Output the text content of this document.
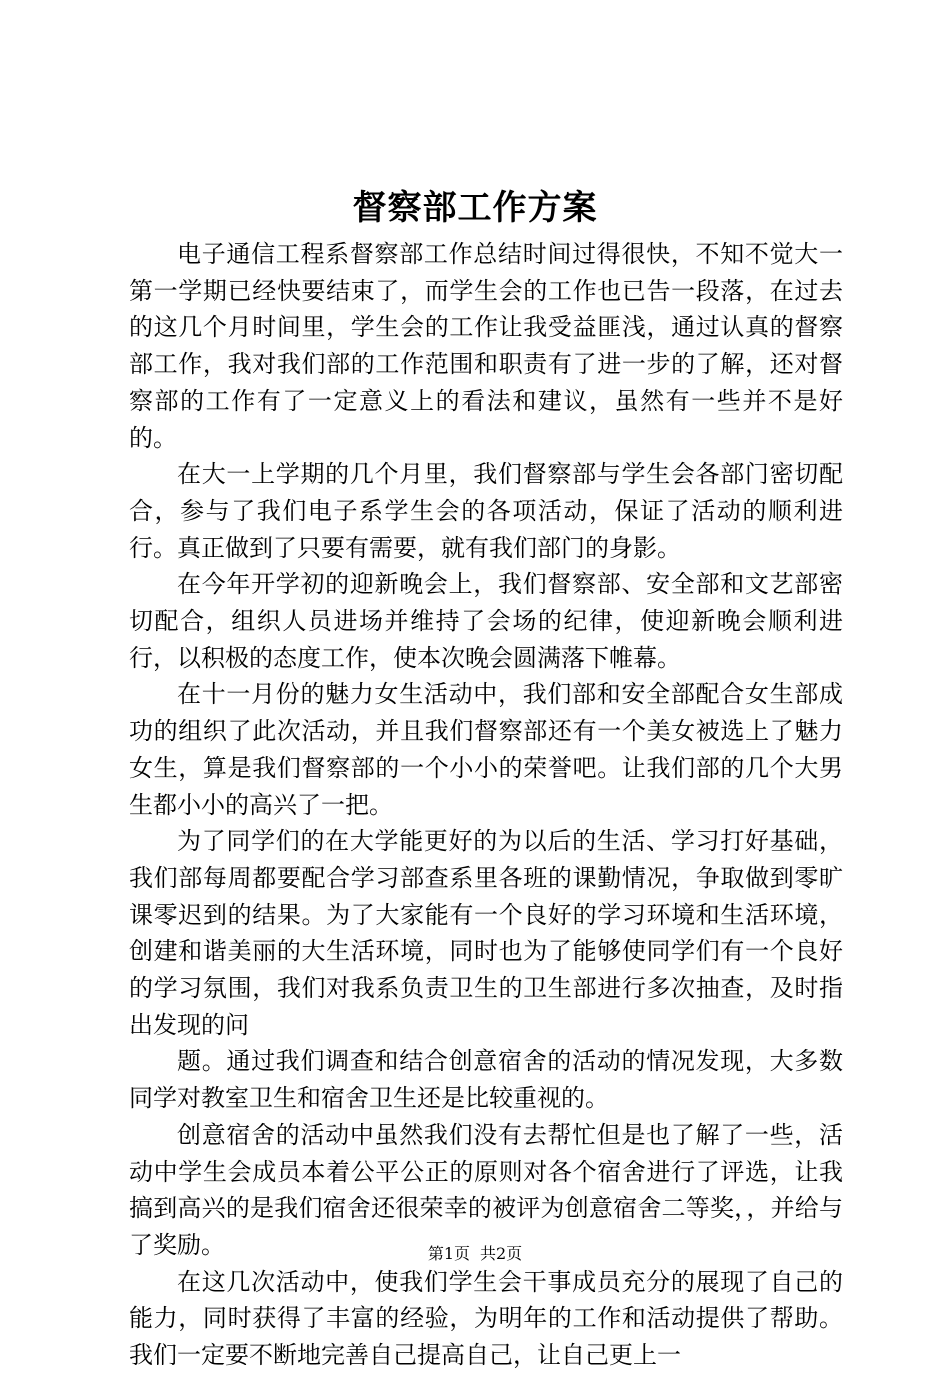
督察部工作方案

电子通信工程系督察部工作总结时间过得很快，不知不觉大一第一学期已经快要结束了，而学生会的工作也已告一段落，在过去的这几个月时间里，学生会的工作让我受益匪浅，通过认真的督察部工作，我对我们部的工作范围和职责有了进一步的了解，还对督察部的工作有了一定意义上的看法和建议，虽然有一些并不是好的。

在大一上学期的几个月里，我们督察部与学生会各部门密切配合，参与了我们电子系学生会的各项活动，保证了活动的顺利进行。真正做到了只要有需要，就有我们部门的身影。

在今年开学初的迎新晚会上，我们督察部、安全部和文艺部密切配合，组织人员进场并维持了会场的纪律，使迎新晚会顺利进行，以积极的态度工作，使本次晚会圆满落下帷幕。

在十一月份的魅力女生活动中，我们部和安全部配合女生部成功的组织了此次活动，并且我们督察部还有一个美女被选上了魅力女生，算是我们督察部的一个小小的荣誉吧。让我们部的几个大男生都小小的高兴了一把。

为了同学们的在大学能更好的为以后的生活、学习打好基础，我们部每周都要配合学习部查系里各班的课勤情况，争取做到零旷课零迟到的结果。为了大家能有一个良好的学习环境和生活环境，创建和谐美丽的大生活环境，同时也为了能够使同学们有一个良好的学习氛围，我们对我系负责卫生的卫生部进行多次抽查，及时指出发现的问

题。通过我们调查和结合创意宿舍的活动的情况发现，大多数同学对教室卫生和宿舍卫生还是比较重视的。

创意宿舍的活动中虽然我们没有去帮忙但是也了解了一些，活动中学生会成员本着公平公正的原则对各个宿舍进行了评选，让我搞到高兴的是我们宿舍还很荣幸的被评为创意宿舍二等奖，，并给与了奖励。

在这几次活动中，使我们学生会干事成员充分的展现了自己的能力，同时获得了丰富的经验，为明年的工作和活动提供了帮助。我们一定要不断地完善自己提高自己，让自己更上一

第1页 共2页
